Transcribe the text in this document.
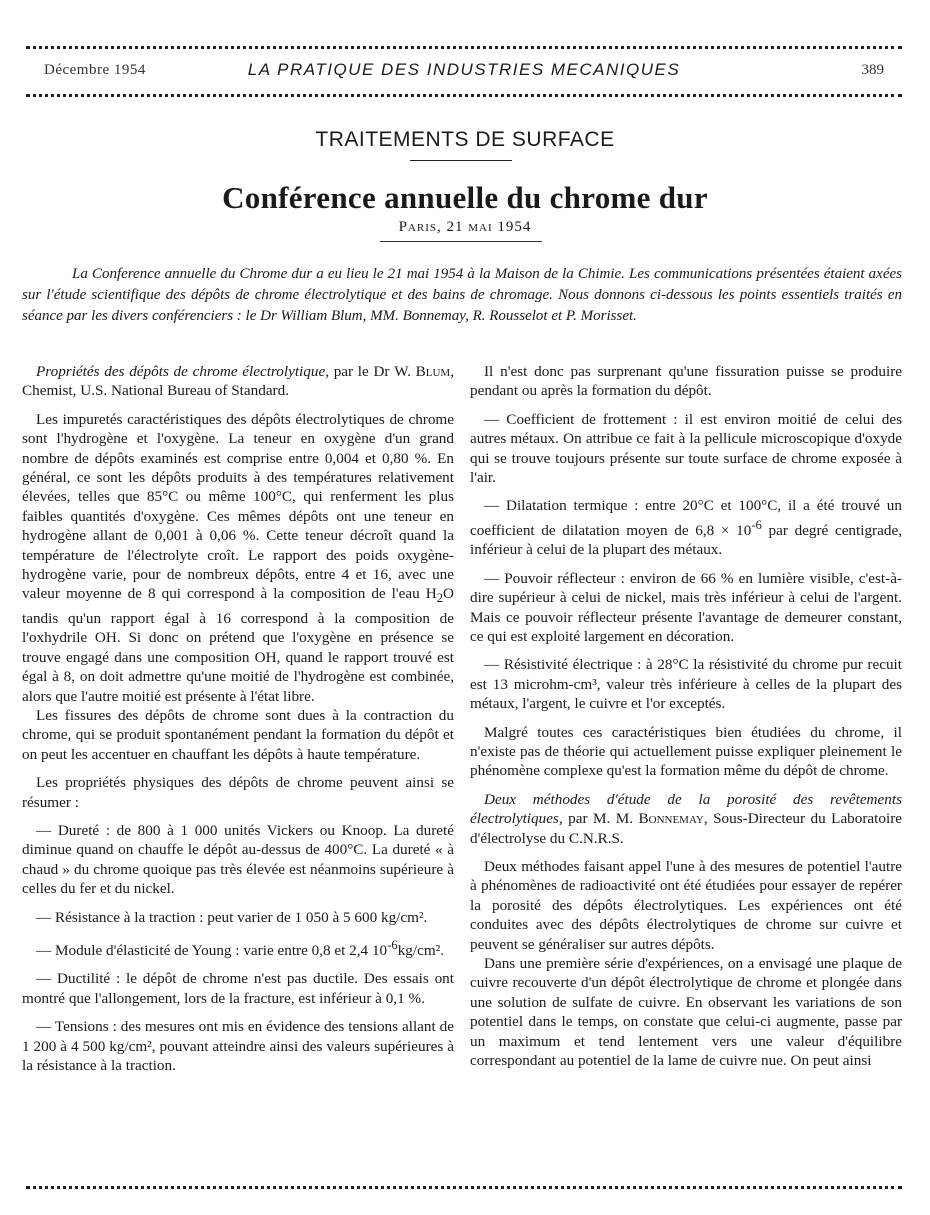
Décembre 1954	LA PRATIQUE DES INDUSTRIES MECANIQUES	389
TRAITEMENTS DE SURFACE
Conférence annuelle du chrome dur
Paris, 21 mai 1954
La Conference annuelle du Chrome dur a eu lieu le 21 mai 1954 à la Maison de la Chimie. Les communications présentées étaient axées sur l'étude scientifique des dépôts de chrome électrolytique et des bains de chromage. Nous donnons ci-dessous les points essentiels traités en séance par les divers conférenciers : le Dr William Blum, MM. Bonnemay, R. Rousselot et P. Morisset.

Propriétés des dépôts de chrome électrolytique, par le Dr W. Blum, Chemist, U.S. National Bureau of Standard.

Les impuretés caractéristiques des dépôts électrolytiques de chrome sont l'hydrogène et l'oxygène. La teneur en oxygène d'un grand nombre de dépôts examinés est comprise entre 0,004 et 0,80 %. En général, ce sont les dépôts produits à des températures relativement élevées, telles que 85°C ou même 100°C, qui renferment les plus faibles quantités d'oxygène. Ces mêmes dépôts ont une teneur en hydrogène allant de 0,001 à 0,06 %. Cette teneur décroît quand la température de l'électrolyte croît. Le rapport des poids oxygène-hydrogène varie, pour de nombreux dépôts, entre 4 et 16, avec une valeur moyenne de 8 qui correspond à la composition de l'eau $H_2O$ tandis qu'un rapport égal à 16 correspond à la composition de l'oxhydrile OH. Si donc on prétend que l'oxygène en présence se trouve engagé dans une composition OH, quand le rapport trouvé est égal à 8, on doit admettre qu'une moitié de l'hydrogène est combinée, alors que l'autre moitié est présente à l'état libre.

Les fissures des dépôts de chrome sont dues à la contraction du chrome, qui se produit spontanément pendant la formation du dépôt et on peut les accentuer en chauffant les dépôts à haute température.

Les propriétés physiques des dépôts de chrome peuvent ainsi se résumer :

— Dureté : de 800 à 1 000 unités Vickers ou Knoop. La dureté diminue quand on chauffe le dépôt au-dessus de 400°C. La dureté « à chaud » du chrome quoique pas très élevée est néanmoins supérieure à celles du fer et du nickel.

— Résistance à la traction : peut varier de 1 050 à 5 600 kg/cm².

— Module d'élasticité de Young : varie entre 0,8 et 2,4 $10^{-6}kg$/cm².

— Ductilité : le dépôt de chrome n'est pas ductile. Des essais ont montré que l'allongement, lors de la fracture, est inférieur à 0,1 %.

— Tensions : des mesures ont mis en évidence des tensions allant de 1 200 à 4 500 kg/cm², pouvant atteindre ainsi des valeurs supérieures à la résistance à la traction.

Il n'est donc pas surprenant qu'une fissuration puisse se produire pendant ou après la formation du dépôt.

— Coefficient de frottement : il est environ moitié de celui des autres métaux. On attribue ce fait à la pellicule microscopique d'oxyde qui se trouve toujours présente sur toute surface de chrome exposée à l'air.

— Dilatation termique : entre 20°C et 100°C, il a été trouvé un coefficient de dilatation moyen de $6,8 \times 10^{-6}$ par degré centigrade, inférieur à celui de la plupart des métaux.

— Pouvoir réflecteur : environ de 66 % en lumière visible, c'est-à-dire supérieur à celui de nickel, mais très inférieur à celui de l'argent. Mais ce pouvoir réflecteur présente l'avantage de demeurer constant, ce qui est exploité largement en décoration.

— Résistivité électrique : à 28°C la résistivité du chrome pur recuit est 13 microhm-cm³, valeur très inférieure à celles de la plupart des métaux, l'argent, le cuivre et l'or exceptés.

Malgré toutes ces caractéristiques bien étudiées du chrome, il n'existe pas de théorie qui actuellement puisse expliquer pleinement le phénomène complexe qu'est la formation même du dépôt de chrome.

Deux méthodes d'étude de la porosité des revêtements électrolytiques, par M. M. Bonnemay, Sous-Directeur du Laboratoire d'électrolyse du C.N.R.S.

Deux méthodes faisant appel l'une à des mesures de potentiel l'autre à phénomènes de radioactivité ont été étudiées pour essayer de repérer la porosité des dépôts électrolytiques. Les expériences ont été conduites avec des dépôts électrolytiques de chrome sur cuivre et peuvent se généraliser sur autres dépôts.

Dans une première série d'expériences, on a envisagé une plaque de cuivre recouverte d'un dépôt électrolytique de chrome et plongée dans une solution de sulfate de cuivre. En observant les variations de son potentiel dans le temps, on constate que celui-ci augmente, passe par un maximum et tend lentement vers une valeur d'équilibre correspondant au potentiel de la lame de cuivre nue. On peut ainsi
